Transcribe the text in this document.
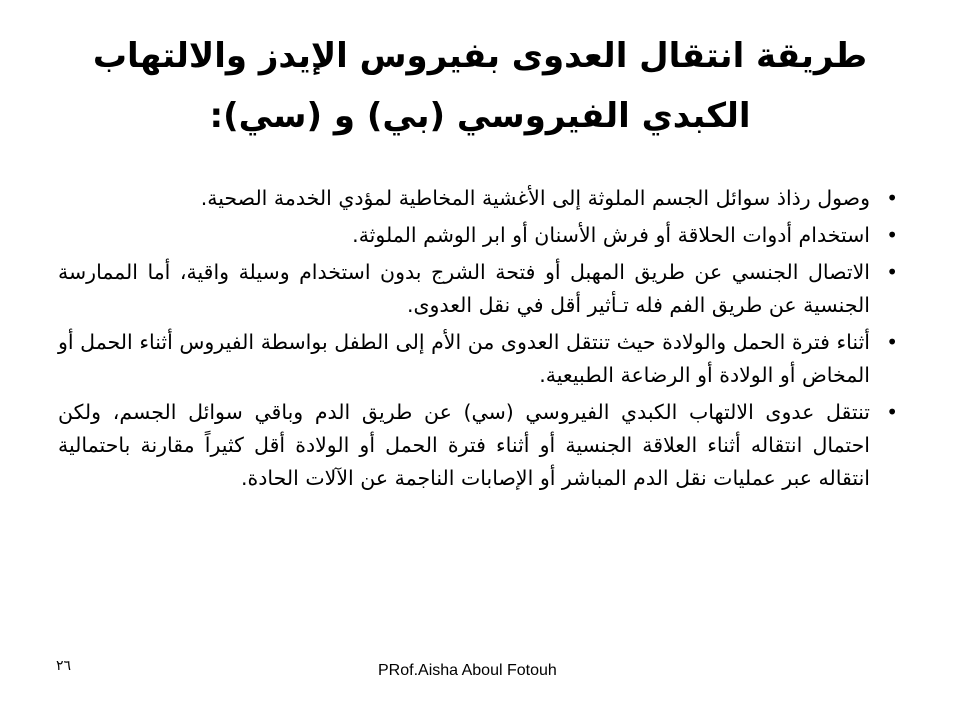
طريقة انتقال العدوى بفيروس الإيدز والالتهاب
الكبدي الفيروسي (بي) و (سي):
•
وصول رذاذ سوائل الجسم الملوثة إلى الأغشية المخاطية لمؤدي الخدمة الصحية.
•
استخدام أدوات الحلاقة أو فرش الأسنان أو ابر الوشم الملوثة.
•
الاتصال الجنسي عن طريق المهبل أو فتحة الشرج بدون استخدام وسيلة واقية، أما الممارسة الجنسية عن طريق الفم فله تـأثير أقل في نقل العدوى.
•
أثناء فترة الحمل والولادة حيث تنتقل العدوى من الأم إلى الطفل بواسطة الفيروس أثناء الحمل أو المخاض أو الولادة أو الرضاعة الطبيعية.
•
تنتقل عدوى الالتهاب الكبدي الفيروسي (سي) عن طريق الدم وباقي سوائل الجسم، ولكن احتمال انتقاله أثناء العلاقة الجنسية أو أثناء فترة الحمل أو الولادة أقل كثيراً مقارنة باحتمالية انتقاله عبر عمليات نقل الدم المباشر أو الإصابات الناجمة عن الآلات الحادة.
٢٦	PRof.Aisha Aboul Fotouh
